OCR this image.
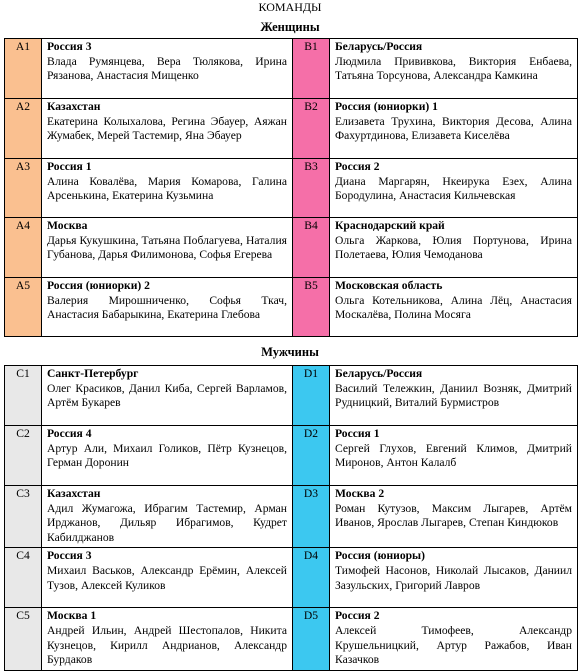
КОМАНДЫ
Женщины
A1	Россия 3
Влада Румянцева, Вера Тюлякова, Ирина Рязанова, Анастасия Мищенко	B1	Беларусь/Россия
Людмила Прививкова, Виктория Енбаева, Татьяна Торсунова, Александра Камкина

A2	Казахстан
Екатерина Колыхалова, Регина Эбауер, Аяжан Жумабек, Мерей Тастемир, Яна Эбауер	B2	Россия (юниорки) 1
Елизавета Трухина, Виктория Десова, Алина Фахуртдинова, Елизавета Киселёва

A3	Россия 1
Алина Ковалёва, Мария Комарова, Галина Арсенькина, Екатерина Кузьмина	B3	Россия 2
Диана Маргарян, Нкеирука Езех, Алина Бородулина, Анастасия Кильчевская

A4	Москва
Дарья Кукушкина, Татьяна Поблагуева, Наталия Губанова, Дарья Филимонова, Софья Егерева	B4	Краснодарский край
Ольга Жаркова, Юлия Портунова, Ирина Полетаева, Юлия Чемоданова

A5	Россия (юниорки) 2
Валерия Мирошниченко, Софья Ткач, Анастасия Бабарыкина, Екатерина Глебова	B5	Московская область
Ольга Котельникова, Алина Лёц, Анастасия Москалёва, Полина Мосяга
Мужчины
C1	Санкт-Петербург
Олег Красиков, Данил Киба, Сергей Варламов, Артём Букарев	D1	Беларусь/Россия
Василий Тележкин, Даниил Возняк, Дмитрий Рудницкий, Виталий Бурмистров

C2	Россия 4
Артур Али, Михаил Голиков, Пётр Кузнецов, Герман Доронин	D2	Россия 1
Сергей Глухов, Евгений Климов, Дмитрий Миронов, Антон Калалб

C3	Казахстан
Адил Жумагожа, Ибрагим Тастемир, Арман Ирджанов, Дильяр Ибрагимов, Кудрет Кабилджанов	D3	Москва 2
Роман Кутузов, Максим Лыгарев, Артём Иванов, Ярослав Лыгарев, Степан Киндюков

C4	Россия 3
Михаил Васьков, Александр Ерёмин, Алексей Тузов, Алексей Куликов	D4	Россия (юниоры)
Тимофей Насонов, Николай Лысаков, Даниил Зазульских, Григорий Лавров

C5	Москва 1
Андрей Ильин, Андрей Шестопалов, Никита Кузнецов, Кирилл Андрианов, Александр Бурдаков	D5	Россия 2
Алексей Тимофеев, Александр Крушельницкий, Артур Ражабов, Иван Казачков
